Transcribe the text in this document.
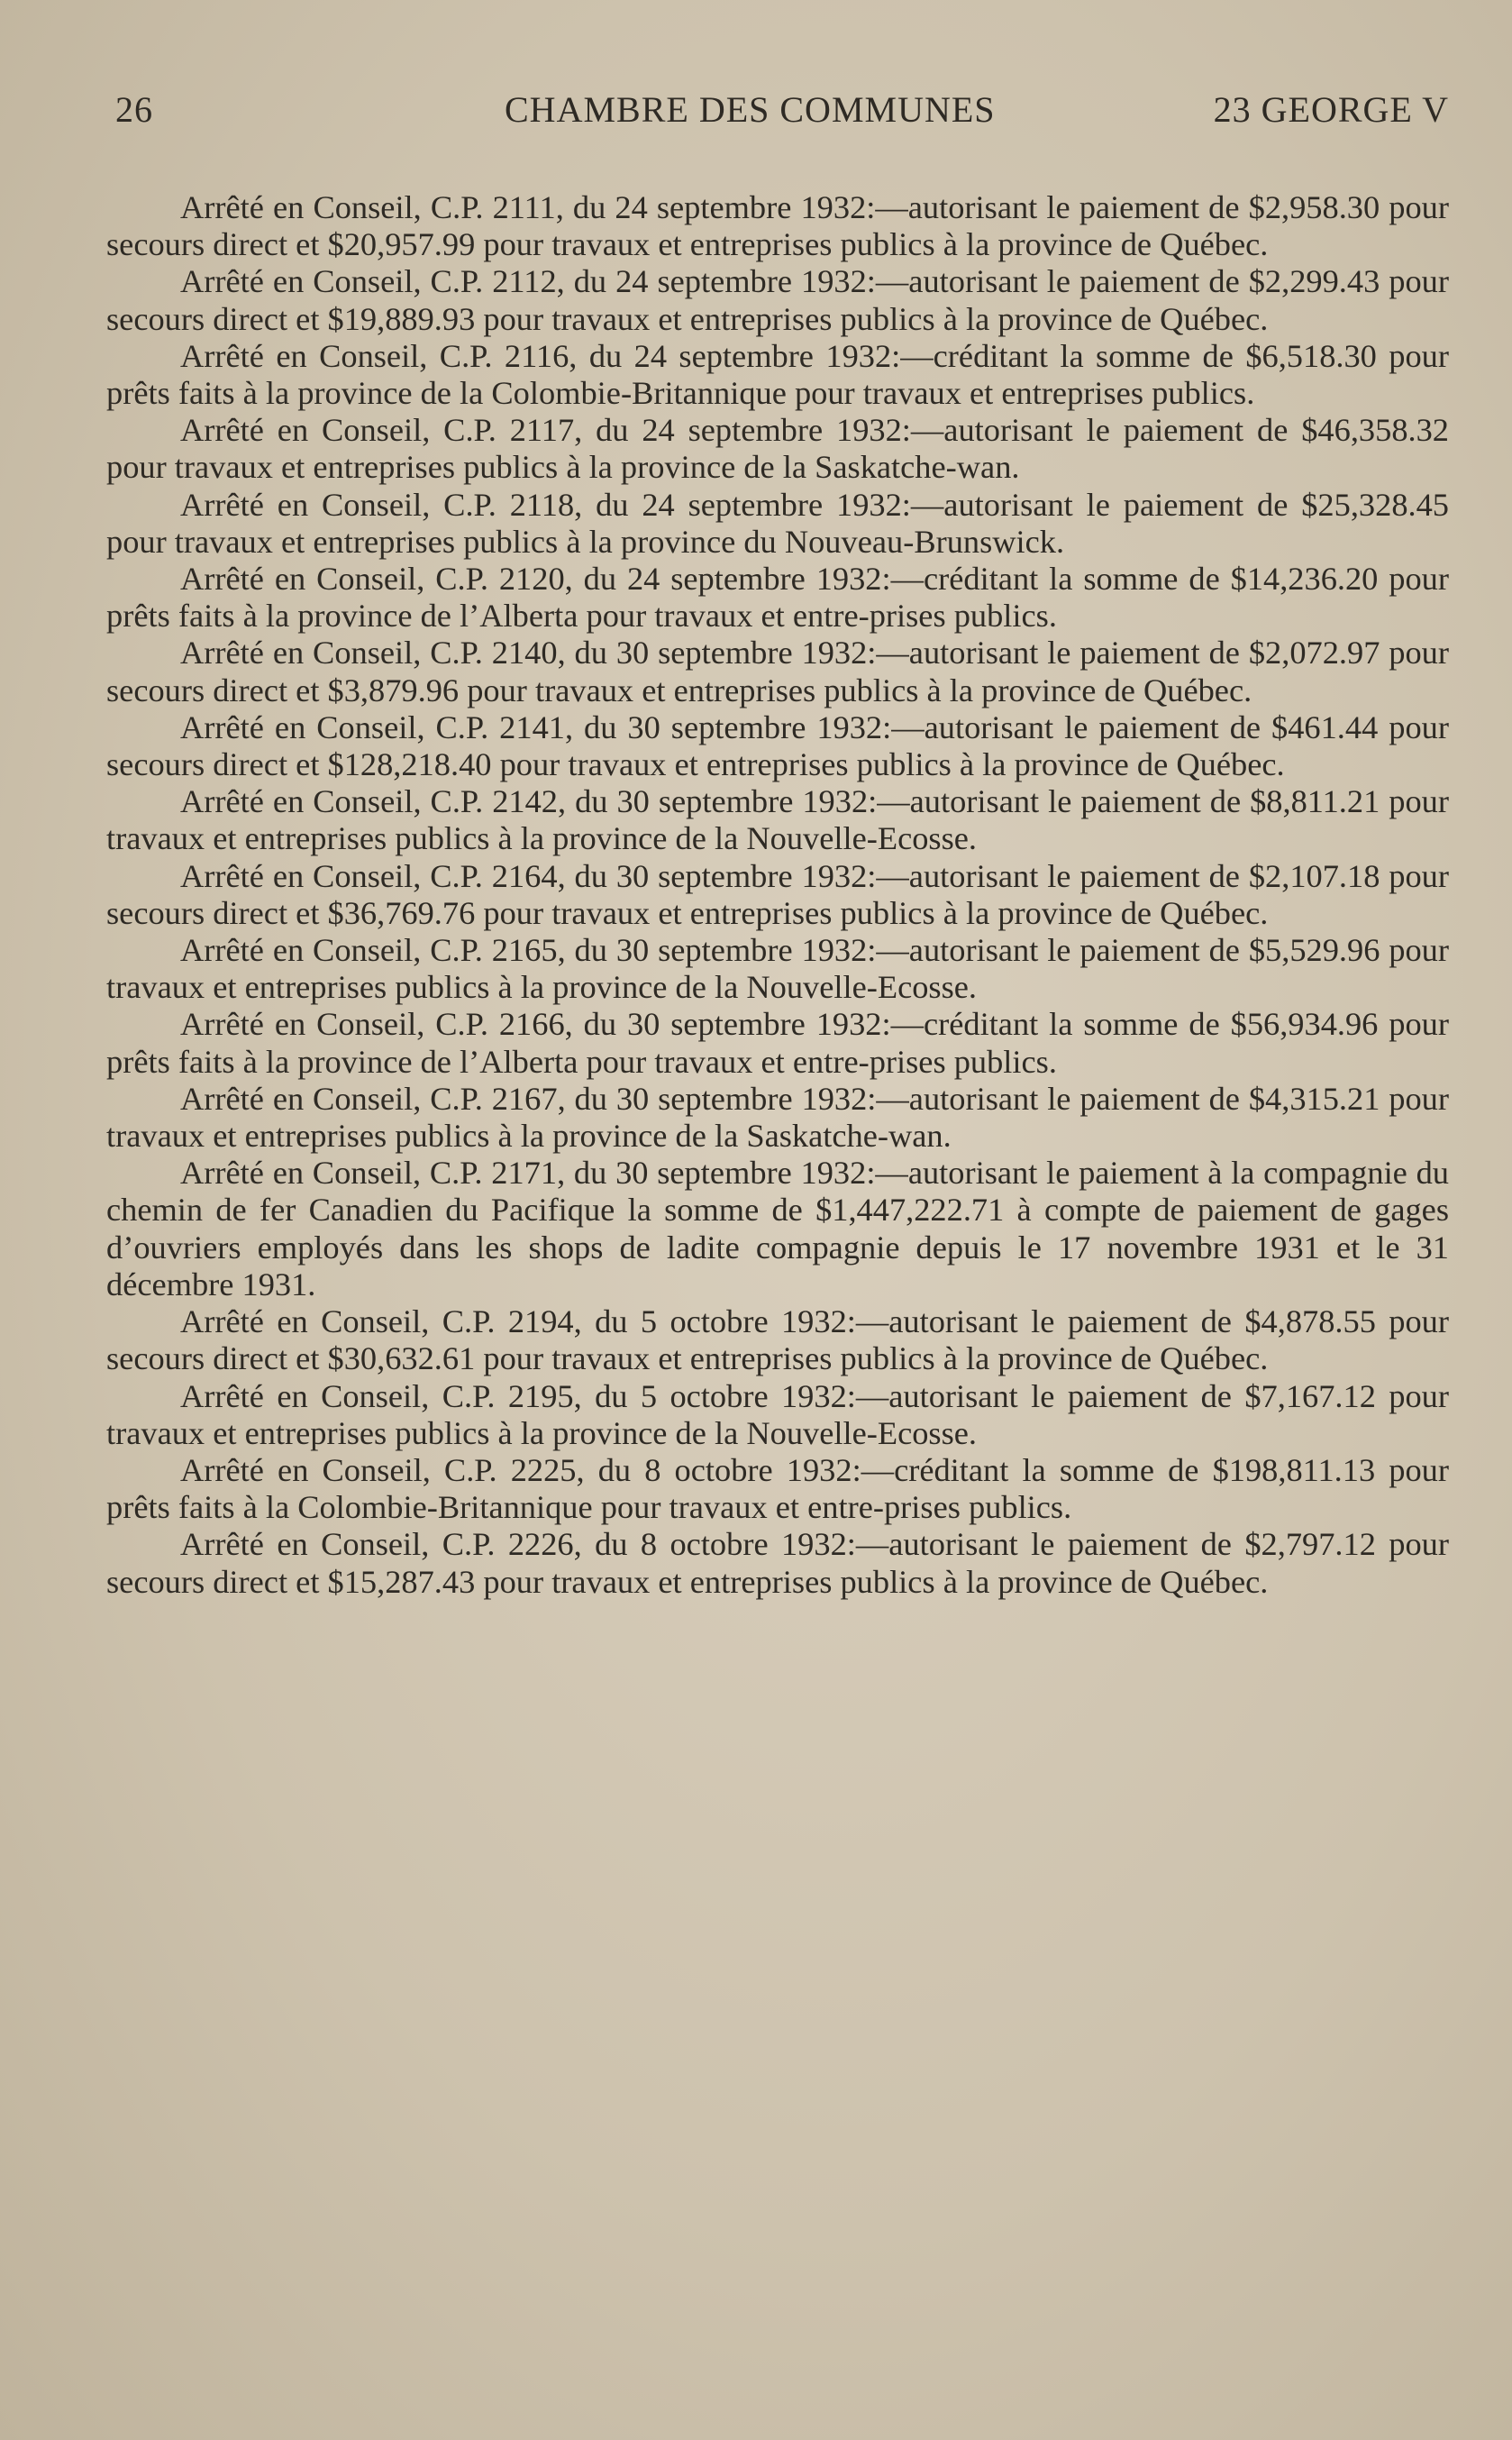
26	CHAMBRE DES COMMUNES	23 GEORGE V

Arrêté en Conseil, C.P. 2111, du 24 septembre 1932:—autorisant le paiement de $2,958.30 pour secours direct et $20,957.99 pour travaux et entreprises publics à la province de Québec.

Arrêté en Conseil, C.P. 2112, du 24 septembre 1932:—autorisant le paiement de $2,299.43 pour secours direct et $19,889.93 pour travaux et entreprises publics à la province de Québec.

Arrêté en Conseil, C.P. 2116, du 24 septembre 1932:—créditant la somme de $6,518.30 pour prêts faits à la province de la Colombie-Britannique pour travaux et entreprises publics.

Arrêté en Conseil, C.P. 2117, du 24 septembre 1932:—autorisant le paiement de $46,358.32 pour travaux et entreprises publics à la province de la Saskatche-wan.

Arrêté en Conseil, C.P. 2118, du 24 septembre 1932:—autorisant le paiement de $25,328.45 pour travaux et entreprises publics à la province du Nouveau-Brunswick.

Arrêté en Conseil, C.P. 2120, du 24 septembre 1932:—créditant la somme de $14,236.20 pour prêts faits à la province de l’Alberta pour travaux et entre-prises publics.

Arrêté en Conseil, C.P. 2140, du 30 septembre 1932:—autorisant le paiement de $2,072.97 pour secours direct et $3,879.96 pour travaux et entreprises publics à la province de Québec.

Arrêté en Conseil, C.P. 2141, du 30 septembre 1932:—autorisant le paiement de $461.44 pour secours direct et $128,218.40 pour travaux et entreprises publics à la province de Québec.

Arrêté en Conseil, C.P. 2142, du 30 septembre 1932:—autorisant le paiement de $8,811.21 pour travaux et entreprises publics à la province de la Nouvelle-Ecosse.

Arrêté en Conseil, C.P. 2164, du 30 septembre 1932:—autorisant le paiement de $2,107.18 pour secours direct et $36,769.76 pour travaux et entreprises publics à la province de Québec.

Arrêté en Conseil, C.P. 2165, du 30 septembre 1932:—autorisant le paiement de $5,529.96 pour travaux et entreprises publics à la province de la Nouvelle-Ecosse.

Arrêté en Conseil, C.P. 2166, du 30 septembre 1932:—créditant la somme de $56,934.96 pour prêts faits à la province de l’Alberta pour travaux et entre-prises publics.

Arrêté en Conseil, C.P. 2167, du 30 septembre 1932:—autorisant le paiement de $4,315.21 pour travaux et entreprises publics à la province de la Saskatche-wan.

Arrêté en Conseil, C.P. 2171, du 30 septembre 1932:—autorisant le paiement à la compagnie du chemin de fer Canadien du Pacifique la somme de $1,447,222.71 à compte de paiement de gages d’ouvriers employés dans les shops de ladite compagnie depuis le 17 novembre 1931 et le 31 décembre 1931.

Arrêté en Conseil, C.P. 2194, du 5 octobre 1932:—autorisant le paiement de $4,878.55 pour secours direct et $30,632.61 pour travaux et entreprises publics à la province de Québec.

Arrêté en Conseil, C.P. 2195, du 5 octobre 1932:—autorisant le paiement de $7,167.12 pour travaux et entreprises publics à la province de la Nouvelle-Ecosse.

Arrêté en Conseil, C.P. 2225, du 8 octobre 1932:—créditant la somme de $198,811.13 pour prêts faits à la Colombie-Britannique pour travaux et entre-prises publics.

Arrêté en Conseil, C.P. 2226, du 8 octobre 1932:—autorisant le paiement de $2,797.12 pour secours direct et $15,287.43 pour travaux et entreprises publics à la province de Québec.
